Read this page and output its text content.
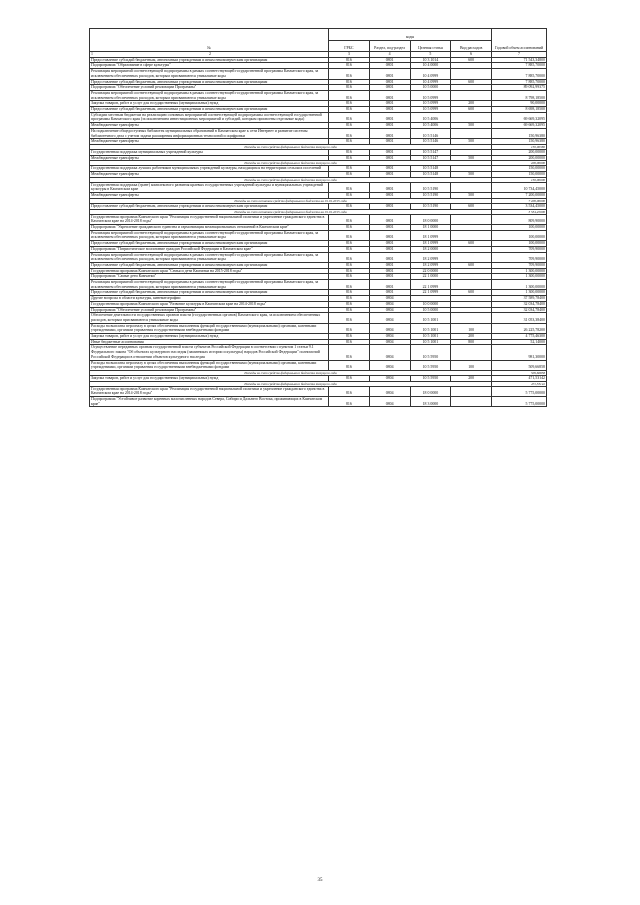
№	коды				Годовой объем ассигнований
	ГРБС	Раздел, под-раздел	Целевая статья	Вид расходов	

1 2	3	4	5	6	7
Предоставление субсидий бюджетным, автономным учреждениям и иным некоммерческим организациям	816	0801	10 3 1014	600	71 543,34800
Подпрограмма "Образование в сфере культуры"	816	0801	10 4 0000		7 885,70000
Реализация мероприятий соответствующей подпрограммы в рамках соответствующей государственной программы Камчатского края, за исключением обеспеченных расходов, которым присваиваются уникальные коды	816	0801	10 4 0999		7 885,70000
Предоставление субсидий бюджетным, автономным учреждениям и иным некоммерческим организациям	816	0801	10 4 0999	600	7 885,70000
Подпрограмма "Обеспечение условий реализации Программы"	816	0801	10 5 0000		89 092,99375
Реализация мероприятий соответствующей подпрограммы в рамках соответствующей государственной программы Камчатского края, за исключением обеспеченных расходов, которым присваиваются уникальные коды	816	0801	10 5 0999		8 798,18500
Закупка товаров, работ и услуг для государственных (муниципальных) нужд	816	0801	10 5 0999	200	90,00000
Предоставление субсидий бюджетным, автономным учреждениям и иным некоммерческим организациям	816	0801	10 5 0999	600	8 698,18500
Субсидии местным бюджетам на реализацию основных мероприятий соответствующей подпрограммы соответствующей государственной программы Камчатского края (за исключением инвестиционных мероприятий и субсидий, которым присвоены отдельные коды)	816	0801	10 5 4006		69 669,32095
Межбюджетные трансферты	816	0801	10 5 4006	500	69 669,32095
На подключение общедоступных библиотек муниципальных образований в Камчатском крае к сети Интернет и развитие системы библиотечного дела с учетом задачи расширения информационных технологий и оцифровки	816	0801	10 5 5146		150,96380
Межбюджетные трансферты	816	0801	10 5 5146	500	150,96380
Расходы за счет средств федерального бюджета текущего года					150,96380
Государственная поддержка муниципальных учреждений культуры	816	0801	10 5 5147		200,00000
Межбюджетные трансферты	816	0801	10 5 5147	500	200,00000
Расходы за счет средств федерального бюджета текущего года					200,00000
Государственная поддержка лучших работников муниципальных учреждений культуры, находящихся на территориях сельских поселений	816	0801	10 5 5148		150,00000
Межбюджетные трансферты	816	0801	10 5 5148	500	150,00000
Расходы за счет средств федерального бюджета текущего года					150,00000
Государственная поддержка (грант) комплексного развития краевых государственных учреждений культуры и муниципальных учреждений культуры в Камчатском крае	816	0801	10 5 5190		10 734,45000
Межбюджетные трансферты	816	0801	10 5 5190	500	7 200,00000
Расходы за счет остатков средств федерального бюджета на 01.01.2015 года					7 200,00000
Предоставление субсидий бюджетным, автономным учреждениям и иным некоммерческим организациям	816	0801	10 5 5190	600	3 534,45000
Расходы за счет остатков средств федерального бюджета на 01.01.2015 года					3 534,45000
Государственная программа Камчатского края "Реализация государственной национальной политики и укрепление гражданского единства в Камчатском крае на 2014-2018 годы"	816	0801	18 0 0000		809,90000
Подпрограмма "Укрепление гражданского единства и гармонизация межнациональных отношений в Камчатском крае"	816	0801	18 1 0000		100,00000
Реализация мероприятий соответствующей подпрограммы в рамках соответствующей государственной программы Камчатского края, за исключением обеспеченных расходов, которым присваиваются уникальные коды	816	0801	18 1 0999		100,00000
Предоставление субсидий бюджетным, автономным учреждениям и иным некоммерческим организациям	816	0801	18 1 0999	600	100,00000
Подпрограмма "Патриотическое воспитание граждан Российской Федерации в Камчатском крае"	816	0801	18 2 0000		709,90000
Реализация мероприятий соответствующей подпрограммы в рамках соответствующей государственной программы Камчатского края, за исключением обеспеченных расходов, которым присваиваются уникальные коды	816	0801	18 2 0999		709,90000
Предоставление субсидий бюджетным, автономным учреждениям и иным некоммерческим организациям	816	0801	18 2 0999	600	709,90000
Государственная программа Камчатского края "Семья и дети Камчатки на 2015-2018 годы"	816	0801	22 0 0000		1 300,00000
Подпрограмма "Самые дети Камчатки"	816	0801	22 1 0000		1 300,00000
Реализация мероприятий соответствующей подпрограммы в рамках соответствующей государственной программы Камчатского края, за исключением обеспеченных расходов, которым присваиваются уникальные коды	816	0801	22 1 0999		1 300,00000
Предоставление субсидий бюджетным, автономным учреждениям и иным некоммерческим организациям	816	0801	22 1 0999	600	1 300,00000
Другие вопросы в области культуры, кинематографии	816	0804			37 589,78400
Государственная программа Камчатского края "Развитие культуры в Камчатском крае на 2014-2018 годы"	816	0804	10 0 0000		32 034,78400
Подпрограмма "Обеспечение условий реализации Программы"	816	0804	10 5 0000		32 034,78400
Обеспечение деятельности государственных органов власти (государственных органов) Камчатского края, за исключением обеспеченных расходов, которым присваиваются уникальные коды	816	0804	10 5 1001		31 053,38400
Расходы на выплаты персоналу в целях обеспечения выполнения функций государственными (муниципальными) органами, казенными учреждениями, органами управления государственными внебюджетными фондами	816	0804	10 5 1001	100	26 225,78200
Закупка товаров, работ и услуг для государственных (муниципальных) нужд	816	0804	10 5 1001	200	4 775,46300
Иные бюджетные ассигнования	816	0804	10 5 1001	800	52,14000
Осуществление переданных органам государственной власти субъектов Российской Федерации в соответствии с пунктом 1 статьи 9.1 Федерального закона "Об объектах культурного наследия (памятниках истории и культуры) народов Российской Федерации" полномочий Российской Федерации в отношении объектов культурного наследия	816	0804	10 5 5950		981,30000
Расходы на выплаты персоналу в целях обеспечения выполнения функций государственными (муниципальными) органами, казенными учреждениями, органами управления государственными внебюджетными фондами	816	0804	10 5 5950	100	509,66858
Расходы за счет средств федерального бюджета текущего года					509,66858
Закупка товаров, работ и услуг для государственных (муниципальных) нужд	816	0804	10 5 5950	200	471,53142
Расходы за счет средств федерального бюджета текущего года					471,53142
Государственная программа Камчатского края "Реализация государственной национальной политики и укрепление гражданского единства в Камчатском крае на 2014-2018 годы"	816	0804	18 0 0000		5 775,00000
Подпрограмма "Устойчивое развитие коренных малочисленных народов Севера, Сибири и Дальнего Востока, проживающих в Камчатском крае"	816	0804	18 3 0000		5 775,00000
35
